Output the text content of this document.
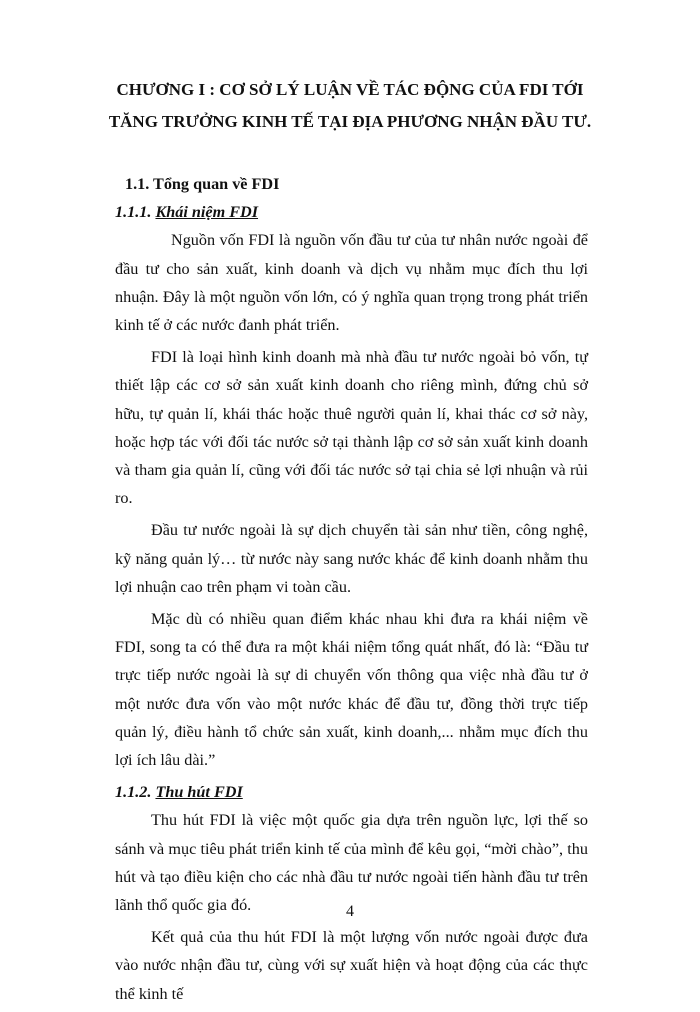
CHƯƠNG I : CƠ SỞ LÝ LUẬN VỀ TÁC ĐỘNG CỦA FDI TỚI
TĂNG TRƯỞNG KINH TẾ TẠI ĐỊA PHƯƠNG NHẬN ĐẦU TƯ.
1.1. Tổng quan về FDI
1.1.1. Khái niệm FDI

Nguồn vốn FDI là nguồn vốn đầu tư của tư nhân nước ngoài để đầu tư cho sản xuất, kinh doanh và dịch vụ nhằm mục đích thu lợi nhuận. Đây là một nguồn vốn lớn, có ý nghĩa quan trọng trong phát triển kinh tế ở các nước đanh phát triển.

FDI là loại hình kinh doanh mà nhà đầu tư nước ngoài bỏ vốn, tự thiết lập các cơ sở sản xuất kinh doanh cho riêng mình, đứng chủ sở hữu, tự quản lí, khái thác hoặc thuê người quản lí, khai thác cơ sở này, hoặc hợp tác với đối tác nước sở tại thành lập cơ sở sản xuất kinh doanh và tham gia quản lí, cũng với đối tác nước sở tại chia sẻ lợi nhuận và rủi ro.

Đầu tư nước ngoài là sự dịch chuyển tài sản như tiền, công nghệ, kỹ năng quản lý… từ nước này sang nước khác để kinh doanh nhằm thu lợi nhuận cao trên phạm vi toàn cầu.

Mặc dù có nhiều quan điểm khác nhau khi đưa ra khái niệm về FDI, song ta có thể đưa ra một khái niệm tổng quát nhất, đó là: “Đầu tư trực tiếp nước ngoài là sự di chuyển vốn thông qua việc nhà đầu tư ở một nước đưa vốn vào một nước khác để đầu tư, đồng thời trực tiếp quản lý, điều hành tổ chức sản xuất, kinh doanh,... nhằm mục đích thu lợi ích lâu dài.”

1.1.2. Thu hút FDI

Thu hút FDI là việc một quốc gia dựa trên nguồn lực, lợi thế so sánh và mục tiêu phát triển kinh tế của mình để kêu gọi, “mời chào”, thu hút và tạo điều kiện cho các nhà đầu tư nước ngoài tiến hành đầu tư trên lãnh thổ quốc gia đó.

Kết quả của thu hút FDI là một lượng vốn nước ngoài được đưa vào nước nhận đầu tư, cùng với sự xuất hiện và hoạt động của các thực thể kinh tế

4
